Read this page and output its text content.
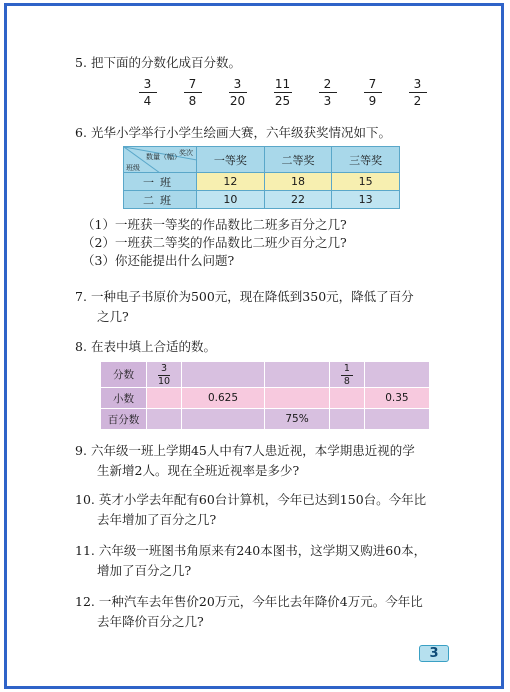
5. 把下面的分数化成百分数。
$\frac{3}{4} \frac{7}{8} \frac{3}{20} \frac{11}{25} \frac{2}{3} \frac{7}{9} \frac{3}{2}$
6. 光华小学举行小学生绘画大赛，六年级获奖情况如下。
奖次
数量（幅）
班级	一等奖	二等奖	三等奖
一班	12	18	15
二班	10	22	13
（1）一班获一等奖的作品数比二班多百分之几?
（2）一班获二等奖的作品数比二班少百分之几?
（3）你还能提出什么问题?
7. 一种电子书原价为500元，现在降低到350元，降低了百分
之几?
8. 在表中填上合适的数。
分数	$\frac{3}{10}$			$\frac{1}{8}$

小数		0.625			0.35
百分数			75%		
9. 六年级一班上学期45人中有7人患近视，本学期患近视的学
生新增2人。现在全班近视率是多少?
10. 英才小学去年配有60台计算机，今年已达到150台。今年比
去年增加了百分之几?
11. 六年级一班图书角原来有240本图书，这学期又购进60本，
增加了百分之几?
12. 一种汽车去年售价20万元，今年比去年降价4万元。今年比
去年降价百分之几?
3
